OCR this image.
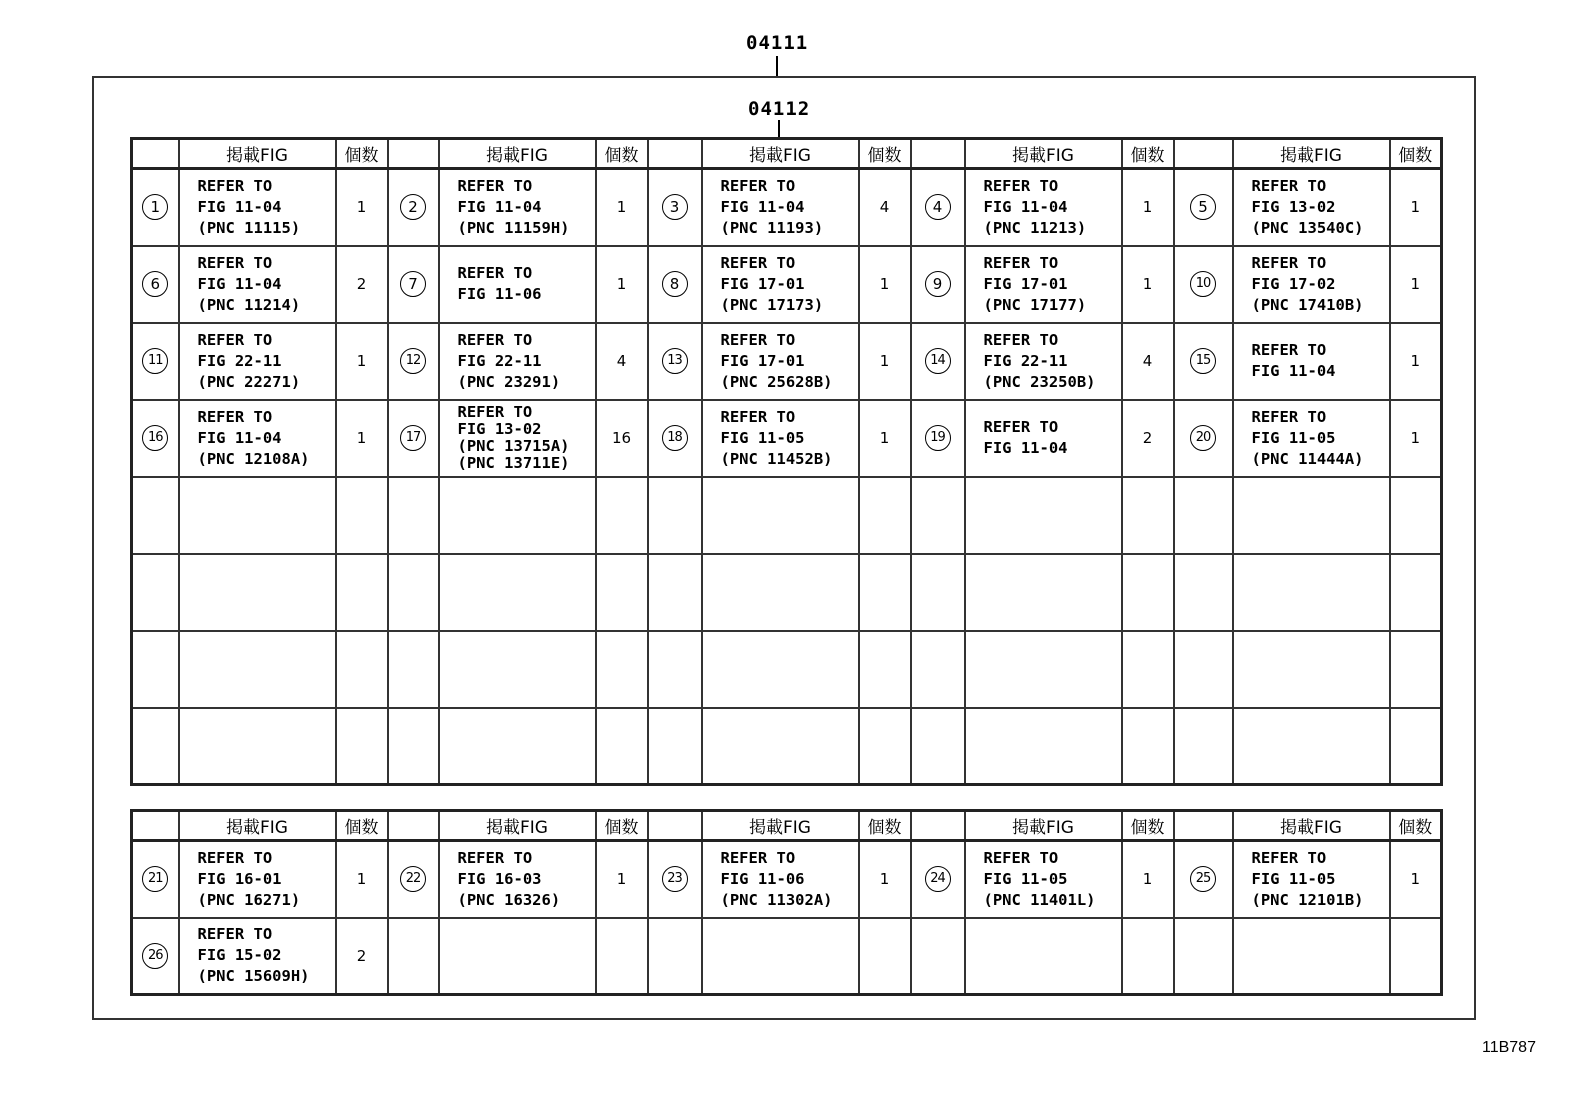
04111
04112
	掲載FIG	個数		掲載FIG	個数		掲載FIG	個数		掲載FIG	個数		掲載FIG	個数
1	REFER TO
FIG 11-04
(PNC 11115)	1	2	REFER TO
FIG 11-04
(PNC 11159H)	1	3	REFER TO
FIG 11-04
(PNC 11193)	4	4	REFER TO
FIG 11-04
(PNC 11213)	1	5	REFER TO
FIG 13-02
(PNC 13540C)	1
6	REFER TO
FIG 11-04
(PNC 11214)	2	7	REFER TO
FIG 11-06	1	8	REFER TO
FIG 17-01
(PNC 17173)	1	9	REFER TO
FIG 17-01
(PNC 17177)	1	10	REFER TO
FIG 17-02
(PNC 17410B)	1
11	REFER TO
FIG 22-11
(PNC 22271)	1	12	REFER TO
FIG 22-11
(PNC 23291)	4	13	REFER TO
FIG 17-01
(PNC 25628B)	1	14	REFER TO
FIG 22-11
(PNC 23250B)	4	15	REFER TO
FIG 11-04	1
16	REFER TO
FIG 11-04
(PNC 12108A)	1	17	REFER TO
FIG 13-02
(PNC 13715A)
(PNC 13711E)	16	18	REFER TO
FIG 11-05
(PNC 11452B)	1	19	REFER TO
FIG 11-04	2	20	REFER TO
FIG 11-05
(PNC 11444A)	1

	掲載FIG	個数		掲載FIG	個数		掲載FIG	個数		掲載FIG	個数		掲載FIG	個数
21	REFER TO
FIG 16-01
(PNC 16271)	1	22	REFER TO
FIG 16-03
(PNC 16326)	1	23	REFER TO
FIG 11-06
(PNC 11302A)	1	24	REFER TO
FIG 11-05
(PNC 11401L)	1	25	REFER TO
FIG 11-05
(PNC 12101B)	1
26	REFER TO
FIG 15-02
(PNC 15609H)	2												
11B787
